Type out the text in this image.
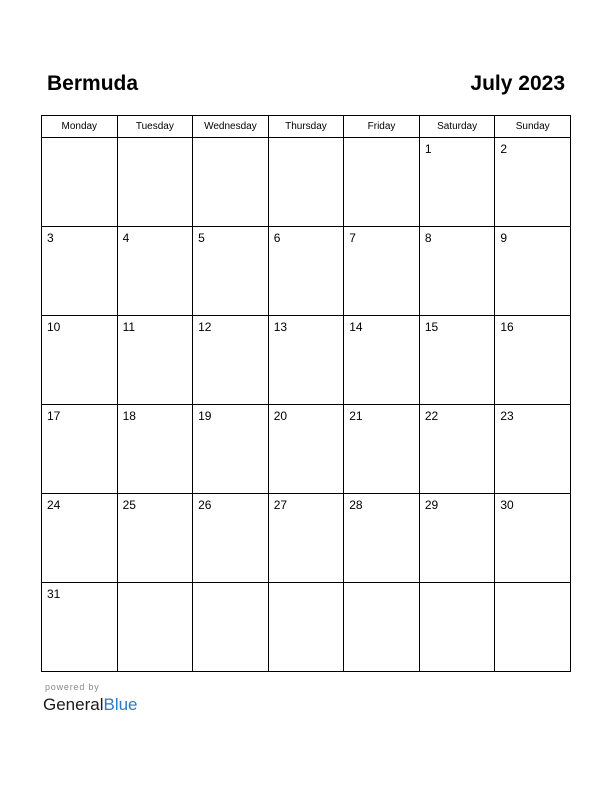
Bermuda	July 2023
Monday	Tuesday	Wednesday	Thursday	Friday	Saturday	Sunday

					1	2

3	4	5	6	7	8	9

10	11	12	13	14	15	16

17	18	19	20	21	22	23

24	25	26	27	28	29	30

31						

powered by
GeneralBlue
